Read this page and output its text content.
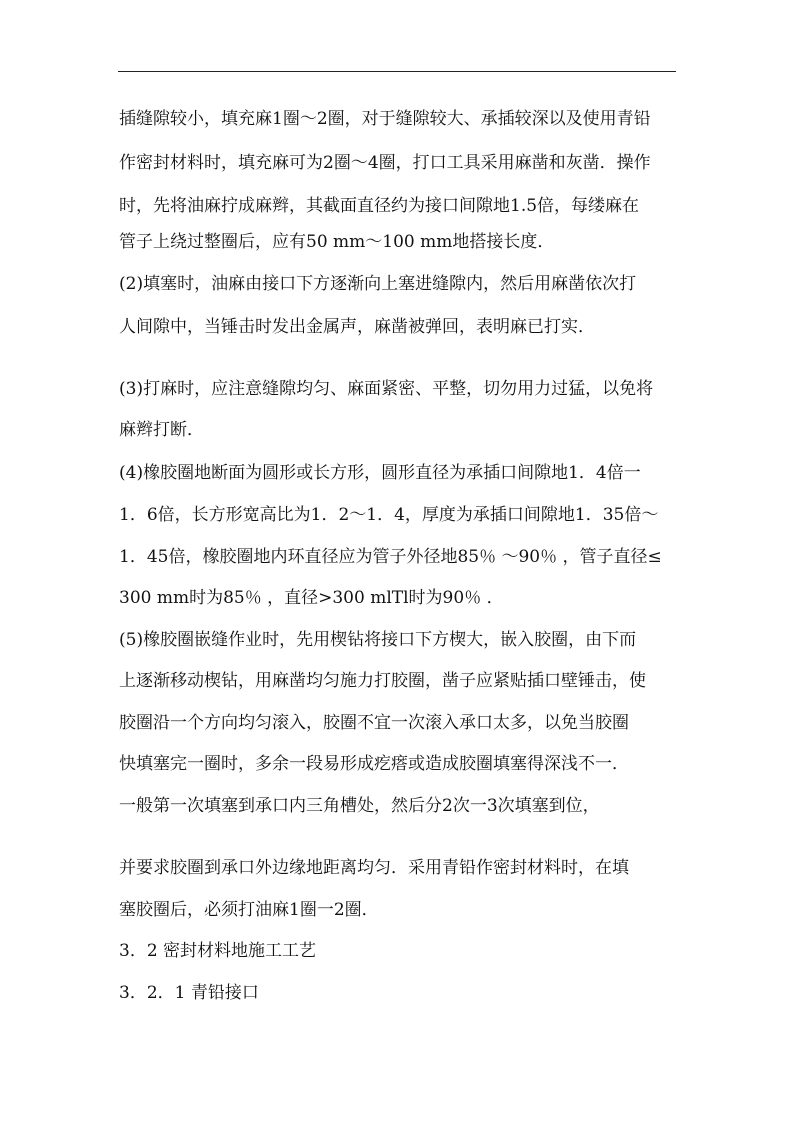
插缝隙较小，填充麻1圈～2圈，对于缝隙较大、承插较深以及使用青铅
作密封材料时，填充麻可为2圈～4圈，打口工具采用麻凿和灰凿．操作
时，先将油麻拧成麻辫，其截面直径约为接口间隙地1.5倍，每缕麻在
管子上绕过整圈后，应有50 mm～100 mm地搭接长度．
(2)填塞时，油麻由接口下方逐渐向上塞进缝隙内，然后用麻凿依次打
人间隙中，当锤击时发出金属声，麻凿被弹回，表明麻已打实．
(3)打麻时，应注意缝隙均匀、麻面紧密、平整，切勿用力过猛，以免将
麻辫打断．
(4)橡胶圈地断面为圆形或长方形，圆形直径为承插口间隙地1．4倍一
1．6倍，长方形宽高比为1．2～1．4，厚度为承插口间隙地1．35倍～
1．45倍，橡胶圈地内环直径应为管子外径地85％ ～90％ ，管子直径≤
300 mm时为85％ ，直径>300 mlTl时为90％ ．
(5)橡胶圈嵌缝作业时，先用楔钻将接口下方楔大，嵌入胶圈，由下而
上逐渐移动楔钻，用麻凿均匀施力打胶圈，凿子应紧贴插口壁锤击，使
胶圈沿一个方向均匀滚入，胶圈不宜一次滚入承口太多，以免当胶圈
快填塞完一圈时，多余一段易形成疙瘩或造成胶圈填塞得深浅不一．
一般第一次填塞到承口内三角槽处，然后分2次一3次填塞到位，
并要求胶圈到承口外边缘地距离均匀．采用青铅作密封材料时，在填
塞胶圈后，必须打油麻1圈一2圈．
3．2 密封材料地施工工艺
3．2．1 青铅接口
